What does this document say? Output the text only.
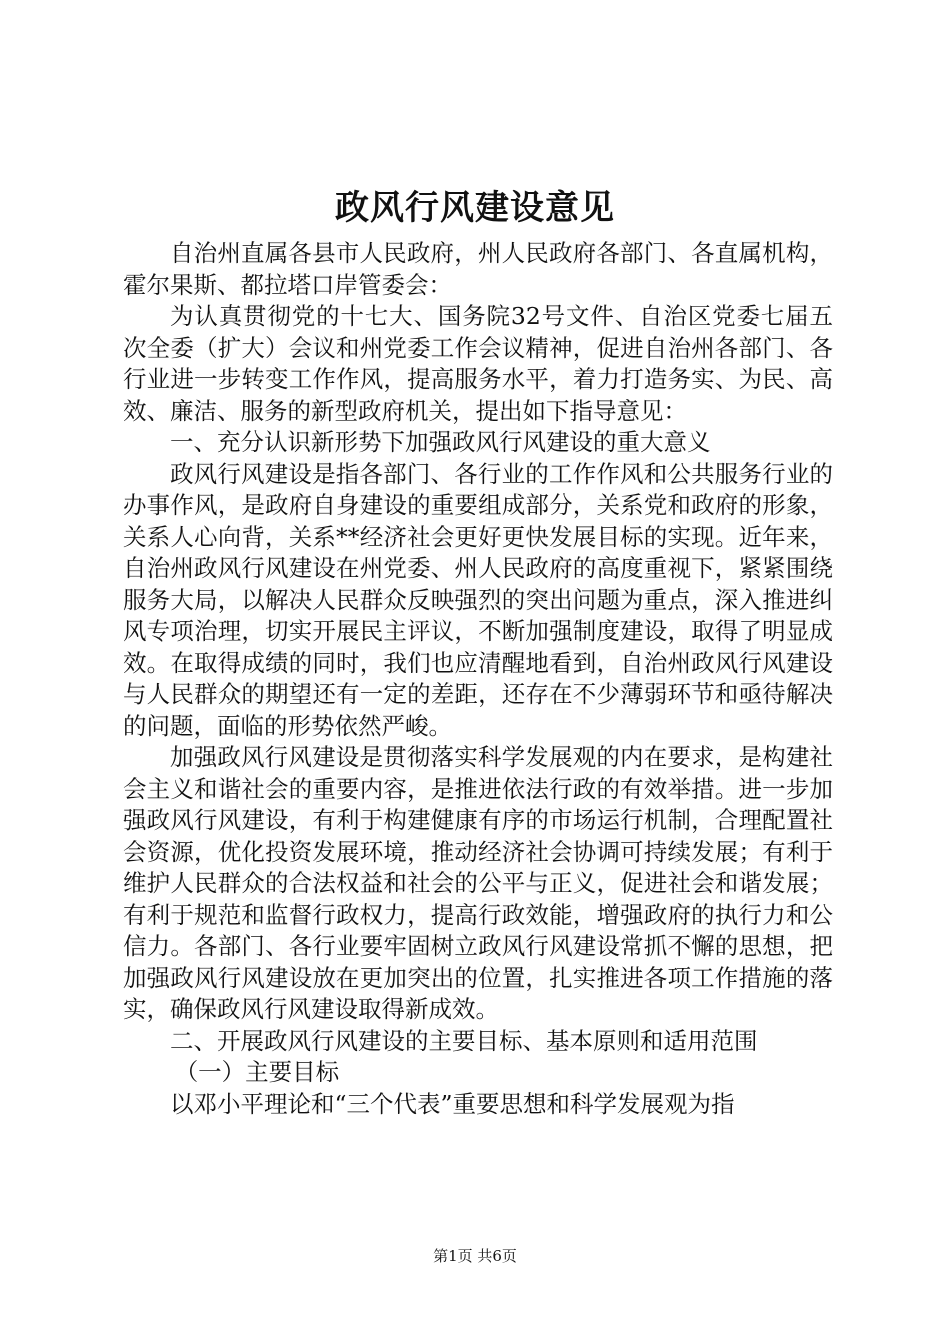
政风行风建设意见

自治州直属各县市人民政府，州人民政府各部门、各直属机构，霍尔果斯、都拉塔口岸管委会：

为认真贯彻党的十七大、国务院32号文件、自治区党委七届五次全委（扩大）会议和州党委工作会议精神，促进自治州各部门、各行业进一步转变工作作风，提高服务水平，着力打造务实、为民、高效、廉洁、服务的新型政府机关，提出如下指导意见：

一、充分认识新形势下加强政风行风建设的重大意义

政风行风建设是指各部门、各行业的工作作风和公共服务行业的办事作风，是政府自身建设的重要组成部分，关系党和政府的形象，关系人心向背，关系**经济社会更好更快发展目标的实现。近年来，自治州政风行风建设在州党委、州人民政府的高度重视下，紧紧围绕服务大局，以解决人民群众反映强烈的突出问题为重点，深入推进纠风专项治理，切实开展民主评议，不断加强制度建设，取得了明显成效。在取得成绩的同时，我们也应清醒地看到，自治州政风行风建设与人民群众的期望还有一定的差距，还存在不少薄弱环节和亟待解决的问题，面临的形势依然严峻。

加强政风行风建设是贯彻落实科学发展观的内在要求，是构建社会主义和谐社会的重要内容，是推进依法行政的有效举措。进一步加强政风行风建设，有利于构建健康有序的市场运行机制，合理配置社会资源，优化投资发展环境，推动经济社会协调可持续发展；有利于维护人民群众的合法权益和社会的公平与正义，促进社会和谐发展；有利于规范和监督行政权力，提高行政效能，增强政府的执行力和公信力。各部门、各行业要牢固树立政风行风建设常抓不懈的思想，把加强政风行风建设放在更加突出的位置，扎实推进各项工作措施的落实，确保政风行风建设取得新成效。

二、开展政风行风建设的主要目标、基本原则和适用范围

（一）主要目标

以邓小平理论和“三个代表”重要思想和科学发展观为指

第1页 共6页
